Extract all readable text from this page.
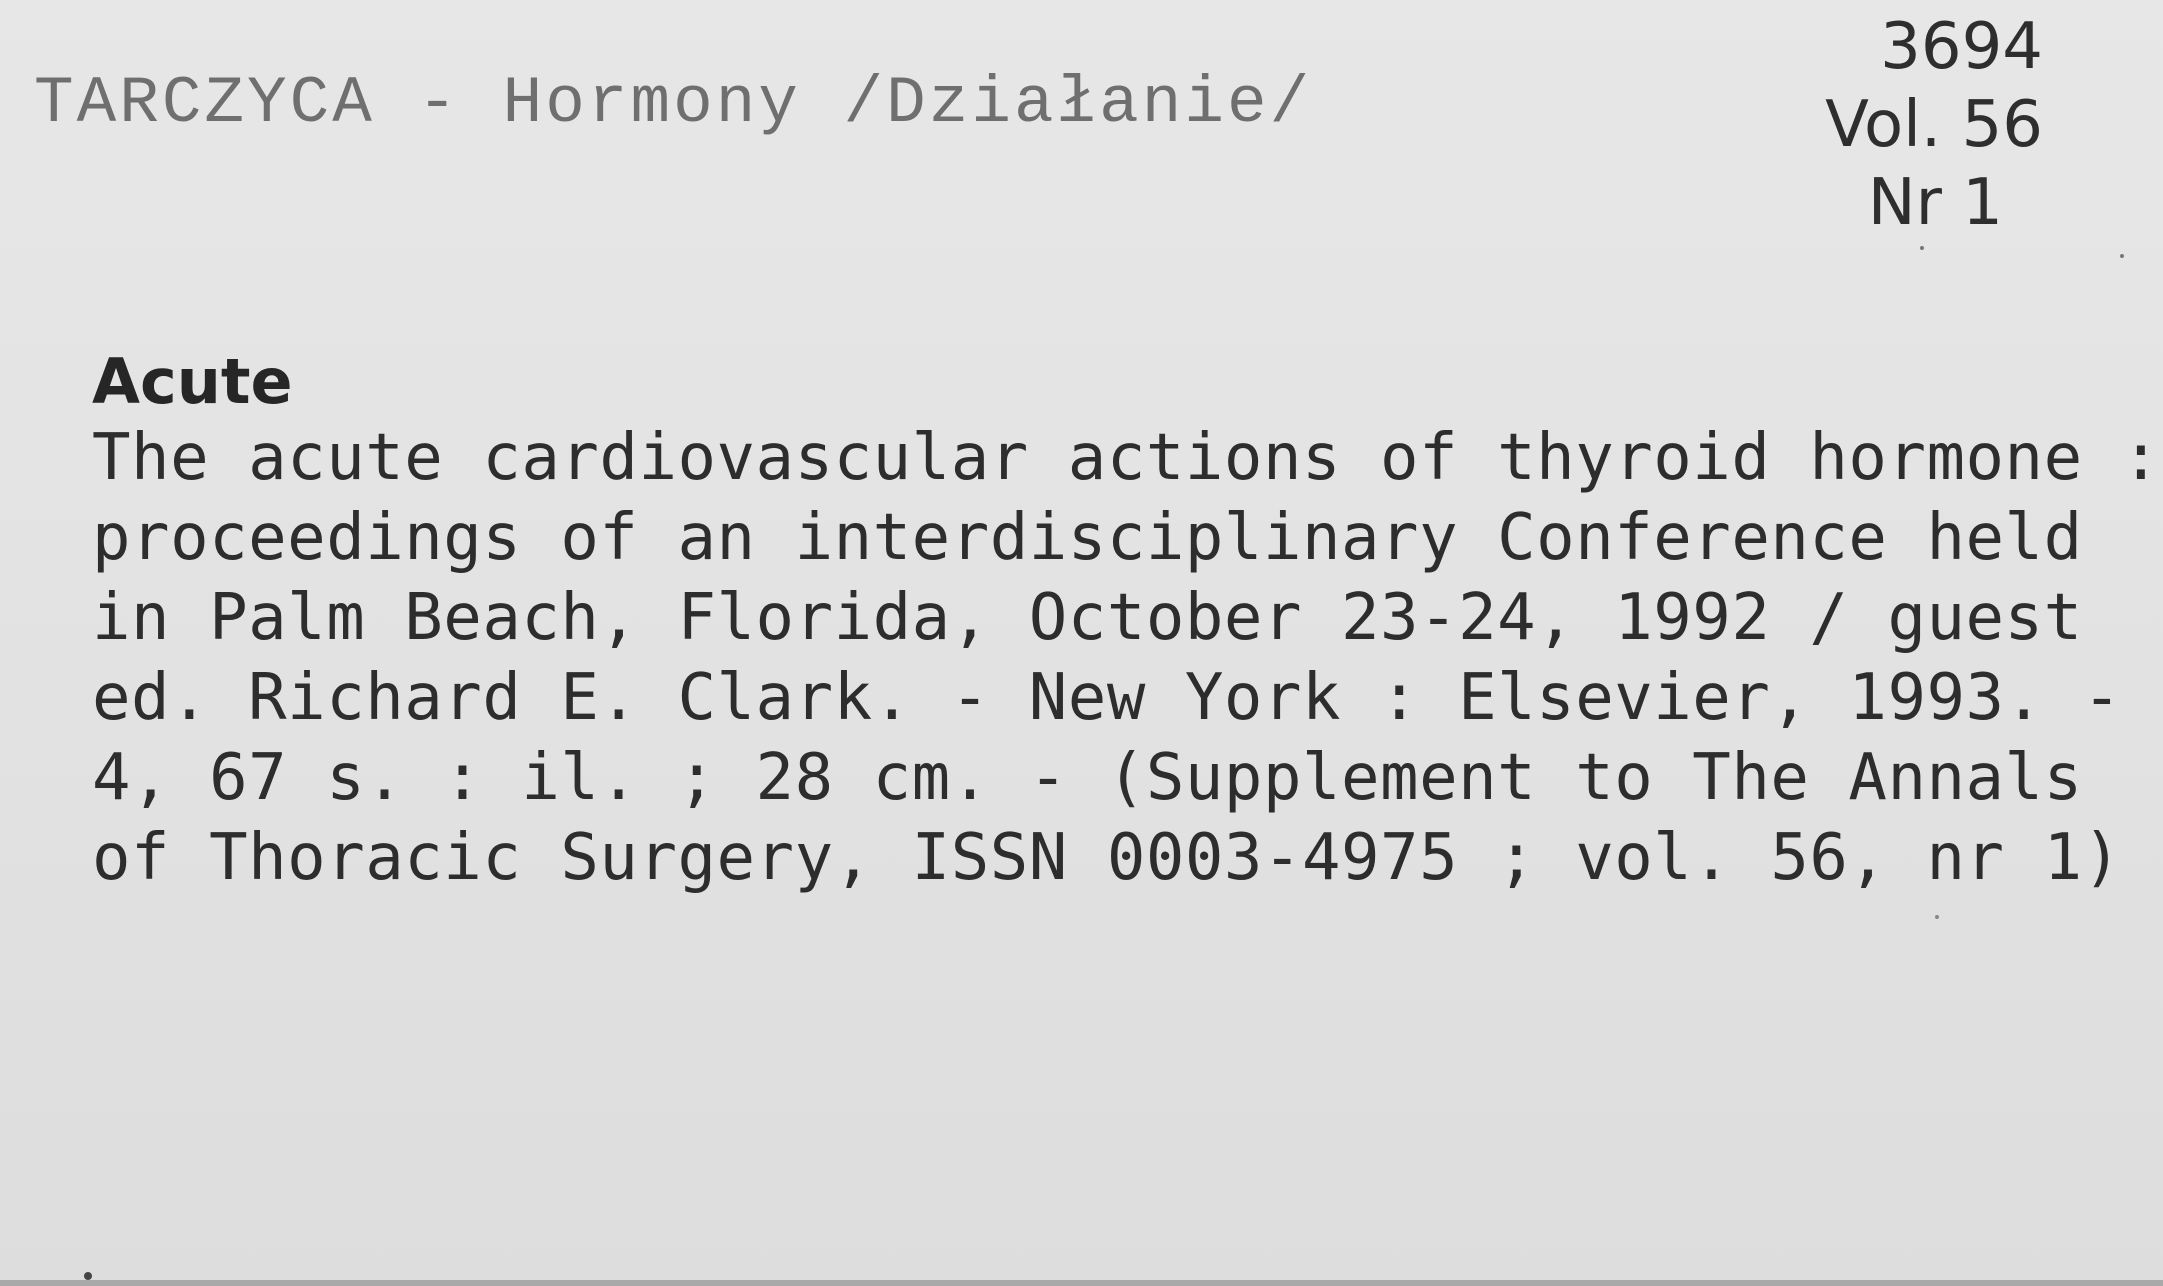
TARCZYCA - Hormony /Działanie/
3694
Vol. 56
Nr 1
Acute
The acute cardiovascular actions of thyroid hormone :
proceedings of an interdisciplinary Conference held
in Palm Beach, Florida, October 23-24, 1992 / guest
ed. Richard E. Clark. - New York : Elsevier, 1993. -
4, 67 s. : il. ; 28 cm. - (Supplement to The Annals
of Thoracic Surgery, ISSN 0003-4975 ; vol. 56, nr 1)
